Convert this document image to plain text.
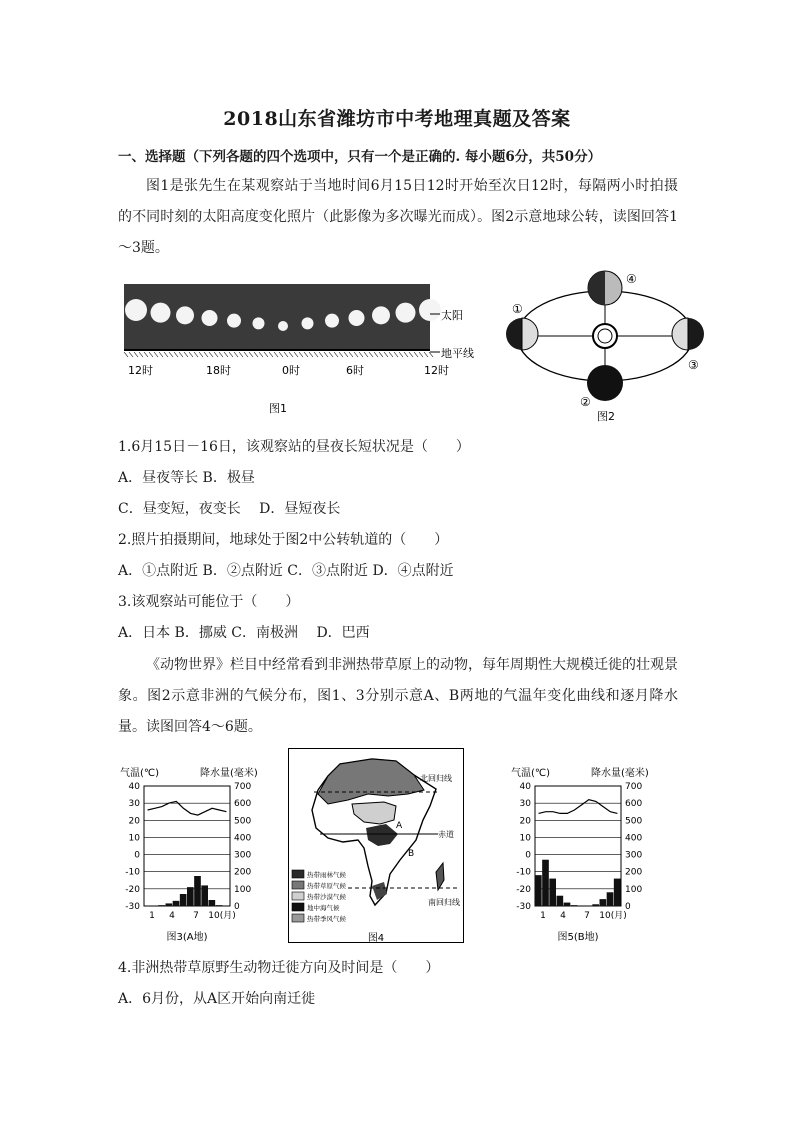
2018山东省潍坊市中考地理真题及答案
一、选择题（下列各题的四个选项中，只有一个是正确的. 每小题6分，共50分）
图1是张先生在某观察站于当地时间6月15日12时开始至次日12时，每隔两小时拍摄的不同时刻的太阳高度变化照片（此影像为多次曝光而成）。图2示意地球公转，读图回答1～3题。
太阳
地平线
12时	18时	0时	6时	12时
图1
①
②
③
④
图2
1.6月15日－16日，该观察站的昼夜长短状况是（　　）
A．昼夜等长 B．极昼
C．昼变短，夜变长　 D．昼短夜长
2.照片拍摄期间，地球处于图2中公转轨道的（　　）
A．①点附近 B．②点附近 C．③点附近 D．④点附近
3.该观察站可能位于（　　）
A．日本 B．挪威 C．南极洲　 D．巴西
《动物世界》栏目中经常看到非洲热带草原上的动物，每年周期性大规模迁徙的壮观景象。图2示意非洲的气候分布，图1、3分别示意A、B两地的气温年变化曲线和逐月降水量。读图回答4～6题。
气温(℃)	降水量(毫米)
40	700
30	600
20	500
10	400
0	300
-10	200
-20	100
-30	0
1 4 7 10(月)
图3(A地)
北回归线
赤道
南回归线
A
B
热带雨林气候
热带草原气候
热带沙漠气候
地中海气候
热带季风气候
图4
气温(℃)	降水量(毫米)
40	700
30	600
20	500
10	400
0	300
-10	200
-20	100
-30	0
1 4 7 10(月)
图5(B地)
4.非洲热带草原野生动物迁徙方向及时间是（　　）
A．6月份，从A区开始向南迁徙
